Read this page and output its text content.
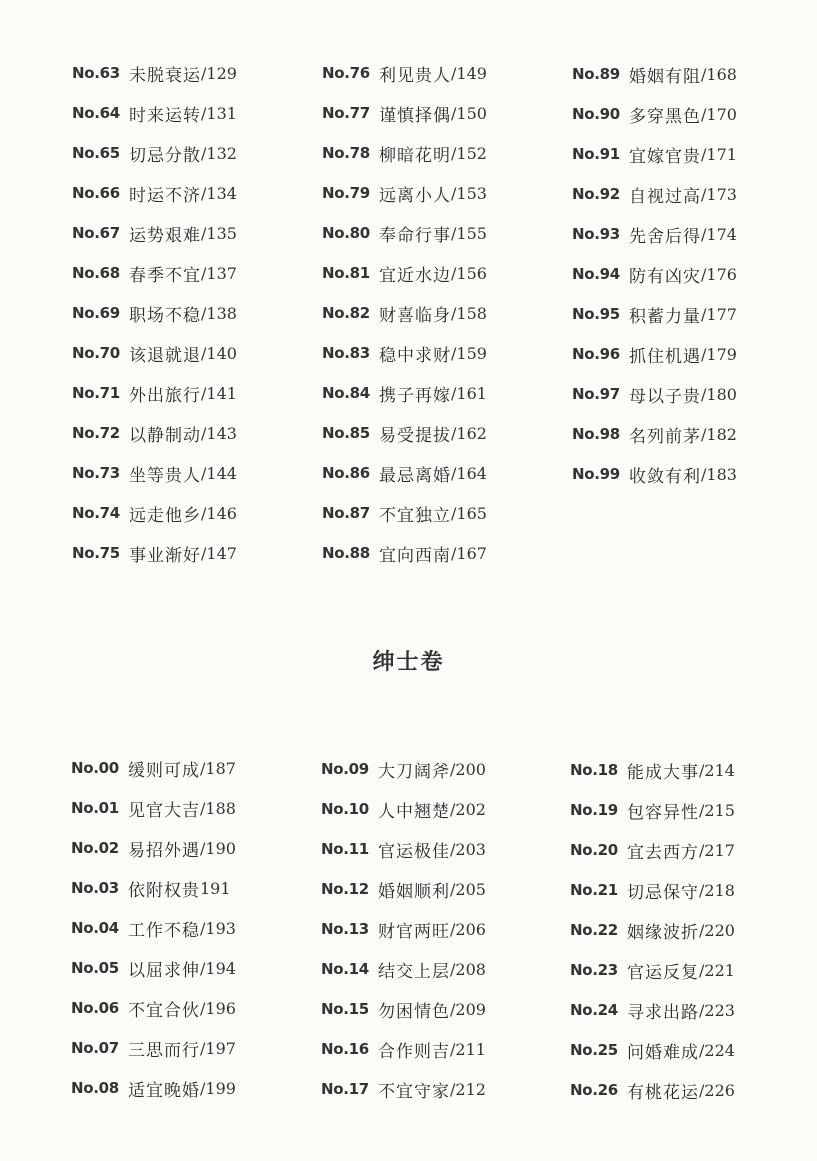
No.63 未脱衰运 /129
No.64 时来运转 /131
No.65 切忌分散 /132
No.66 时运不济 /134
No.67 运势艰难 /135
No.68 春季不宜 /137
No.69 职场不稳 /138
No.70 该退就退 /140
No.71 外出旅行 /141
No.72 以静制动 /143
No.73 坐等贵人 /144
No.74 远走他乡 /146
No.75 事业渐好 /147
No.76 利见贵人 /149
No.77 谨慎择偶 /150
No.78 柳暗花明 /152
No.79 远离小人 /153
No.80 奉命行事 /155
No.81 宜近水边 /156
No.82 财喜临身 /158
No.83 稳中求财 /159
No.84 携子再嫁 /161
No.85 易受提拔 /162
No.86 最忌离婚 /164
No.87 不宜独立 /165
No.88 宜向西南 /167
No.89 婚姻有阻 /168
No.90 多穿黑色 /170
No.91 宜嫁官贵 /171
No.92 自视过高 /173
No.93 先舍后得 /174
No.94 防有凶灾 /176
No.95 积蓄力量 /177
No.96 抓住机遇 /179
No.97 母以子贵 /180
No.98 名列前茅 /182
No.99 收敛有利 /183
绅士卷
No.00 缓则可成 /187
No.01 见官大吉 /188
No.02 易招外遇 /190
No.03 依附权贵 191
No.04 工作不稳 /193
No.05 以屈求伸 /194
No.06 不宜合伙 /196
No.07 三思而行 /197
No.08 适宜晚婚 /199
No.09 大刀阔斧 /200
No.10 人中翘楚 /202
No.11 官运极佳 /203
No.12 婚姻顺利 /205
No.13 财官两旺 /206
No.14 结交上层 /208
No.15 勿困情色 /209
No.16 合作则吉 /211
No.17 不宜守家 /212
No.18 能成大事 /214
No.19 包容异性 /215
No.20 宜去西方 /217
No.21 切忌保守 /218
No.22 姻缘波折 /220
No.23 官运反复 /221
No.24 寻求出路 /223
No.25 问婚难成 /224
No.26 有桃花运 /226
